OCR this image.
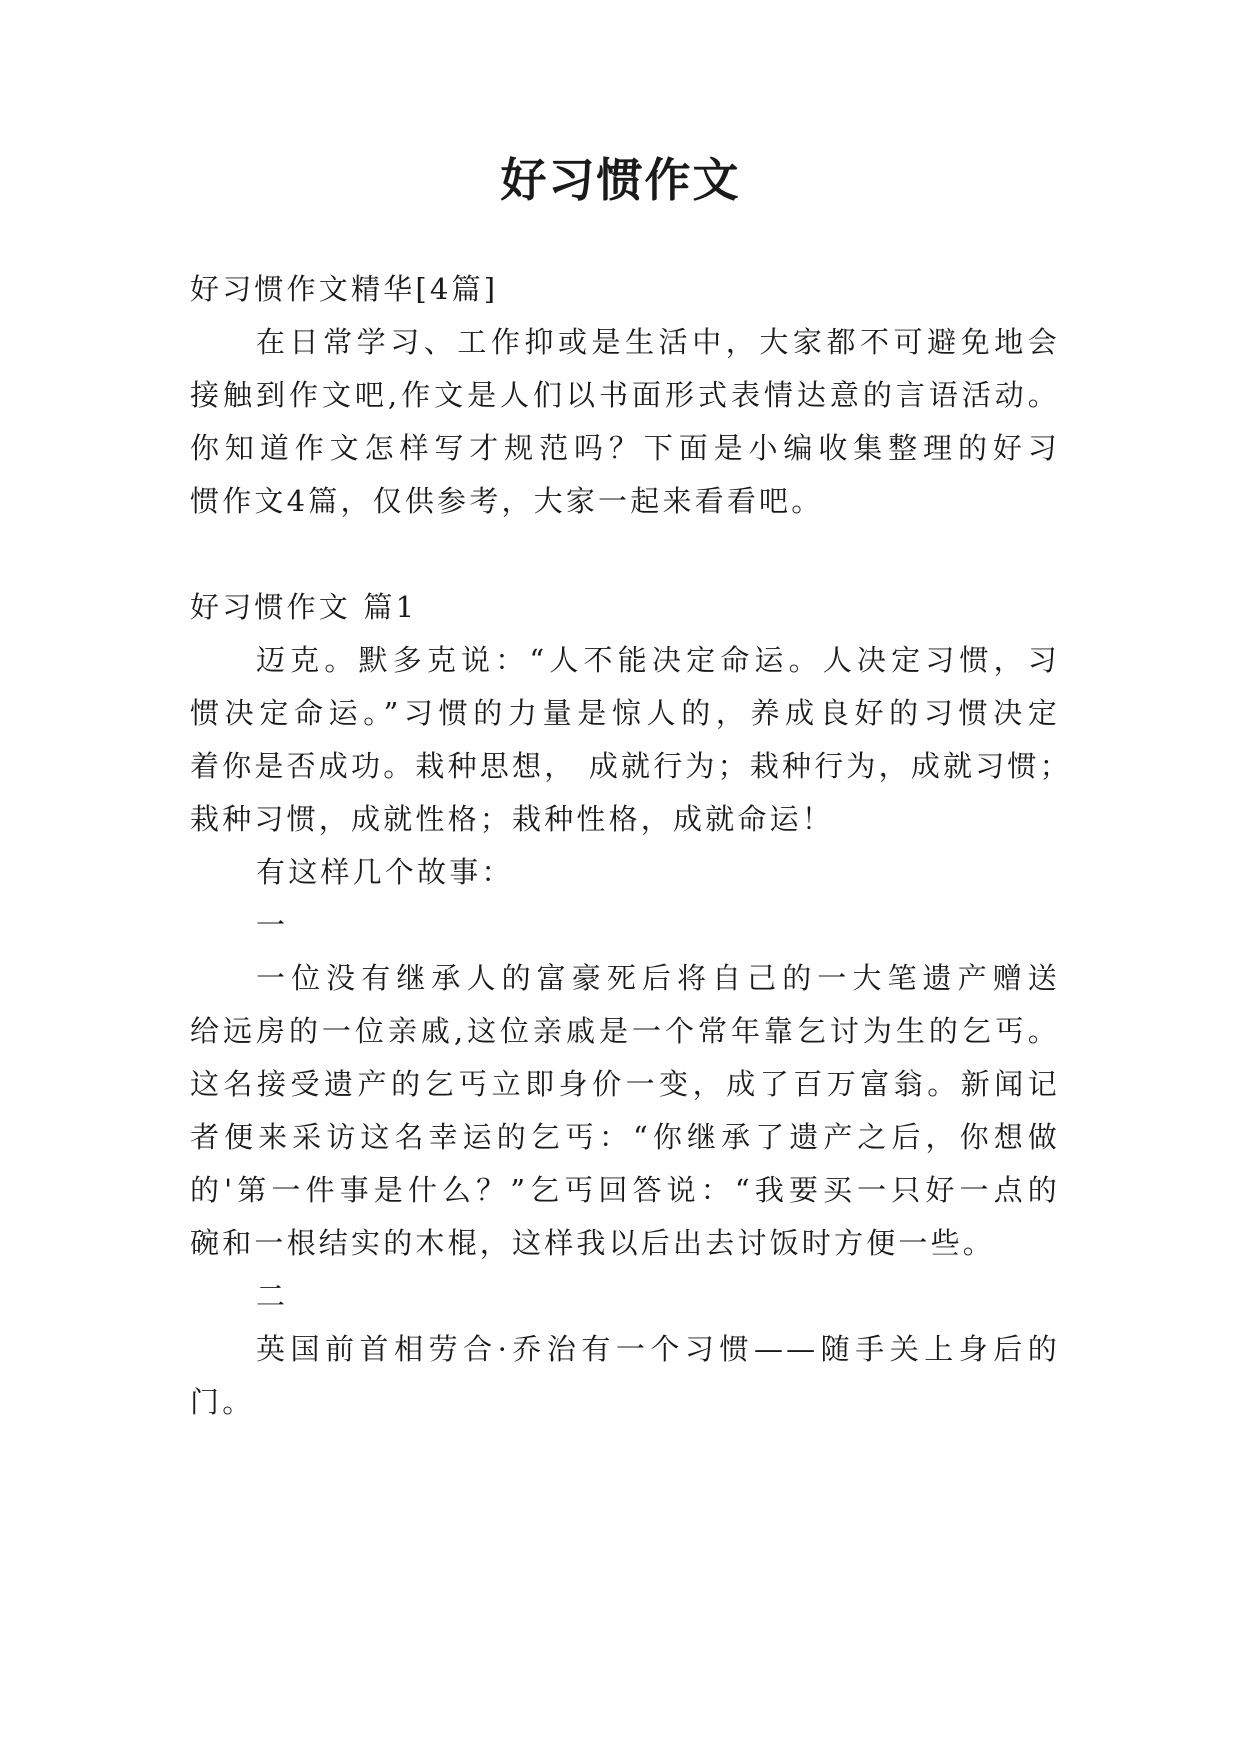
好习惯作文
好习惯作文精华[4篇]
在日常学习、工作抑或是生活中，大家都不可避免地会
接触到作文吧,作文是人们以书面形式表情达意的言语活动。
你知道作文怎样写才规范吗？下面是小编收集整理的好习
惯作文4篇，仅供参考，大家一起来看看吧。
好习惯作文 篇1
迈克。默多克说：“人不能决定命运。人决定习惯，习
惯决定命运。”习惯的力量是惊人的，养成良好的习惯决定
着你是否成功。栽种思想， 成就行为；栽种行为，成就习惯；
栽种习惯，成就性格；栽种性格，成就命运！
有这样几个故事：
一
一位没有继承人的富豪死后将自己的一大笔遗产赠送
给远房的一位亲戚,这位亲戚是一个常年靠乞讨为生的乞丐。
这名接受遗产的乞丐立即身价一变，成了百万富翁。新闻记
者便来采访这名幸运的乞丐：“你继承了遗产之后，你想做
的'第一件事是什么？”乞丐回答说：“我要买一只好一点的
碗和一根结实的木棍，这样我以后出去讨饭时方便一些。
二
英国前首相劳合·乔治有一个习惯——随手关上身后的
门。
